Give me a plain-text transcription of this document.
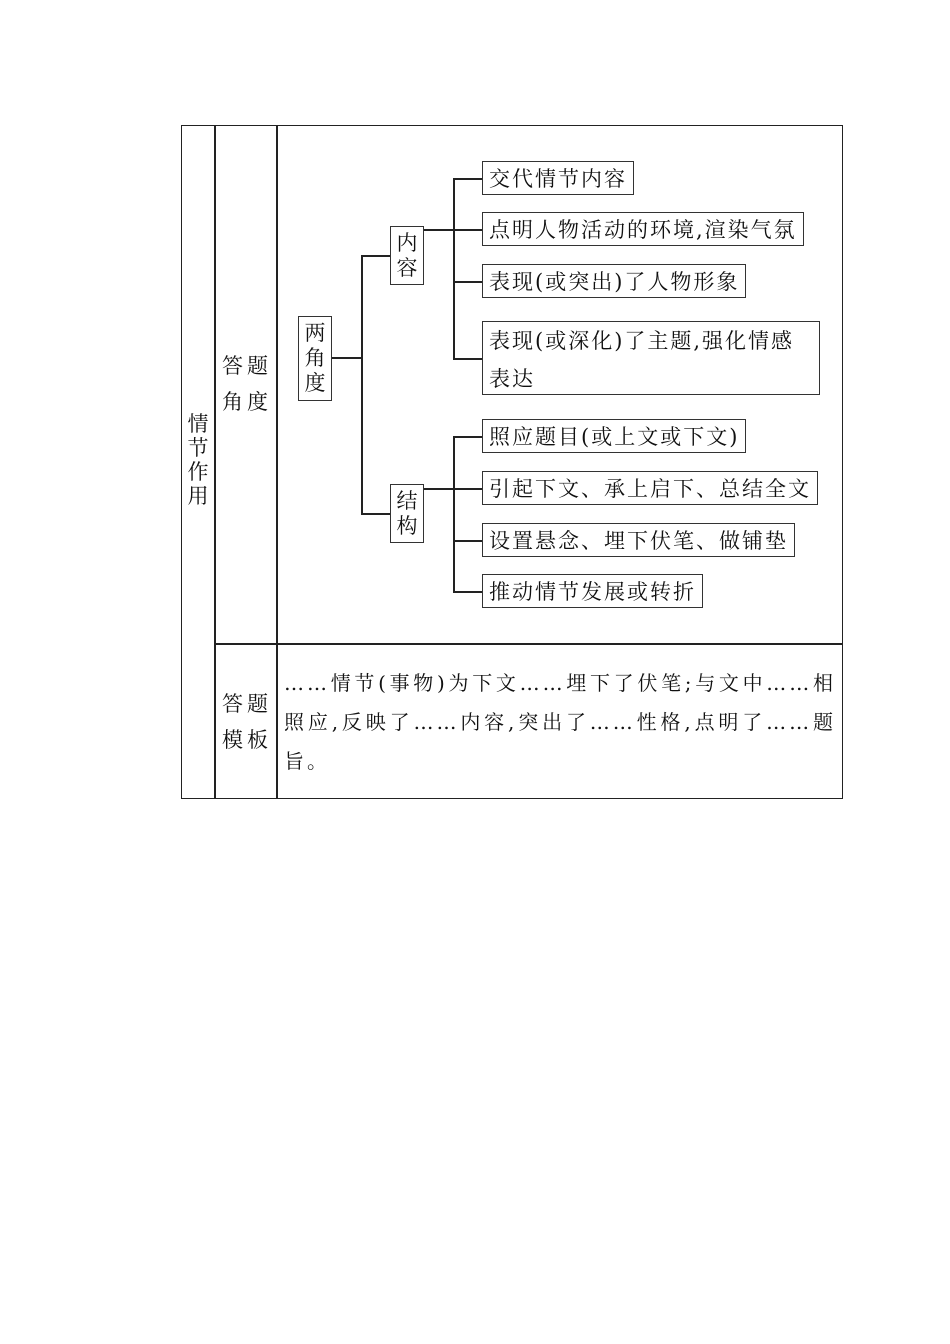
情
节
作
用
答题
角度
答题
模板
两
角
度
内
容
结
构
交代情节内容
点明人物活动的环境,渲染气氛
表现(或突出)了人物形象
表现(或深化)了主题,强化情感表达
照应题目(或上文或下文)
引起下文、承上启下、总结全文
设置悬念、埋下伏笔、做铺垫
推动情节发展或转折
……情节(事物)为下文……埋下了伏笔;与文中……相照应,反映了……内容,突出了……性格,点明了……题旨。
